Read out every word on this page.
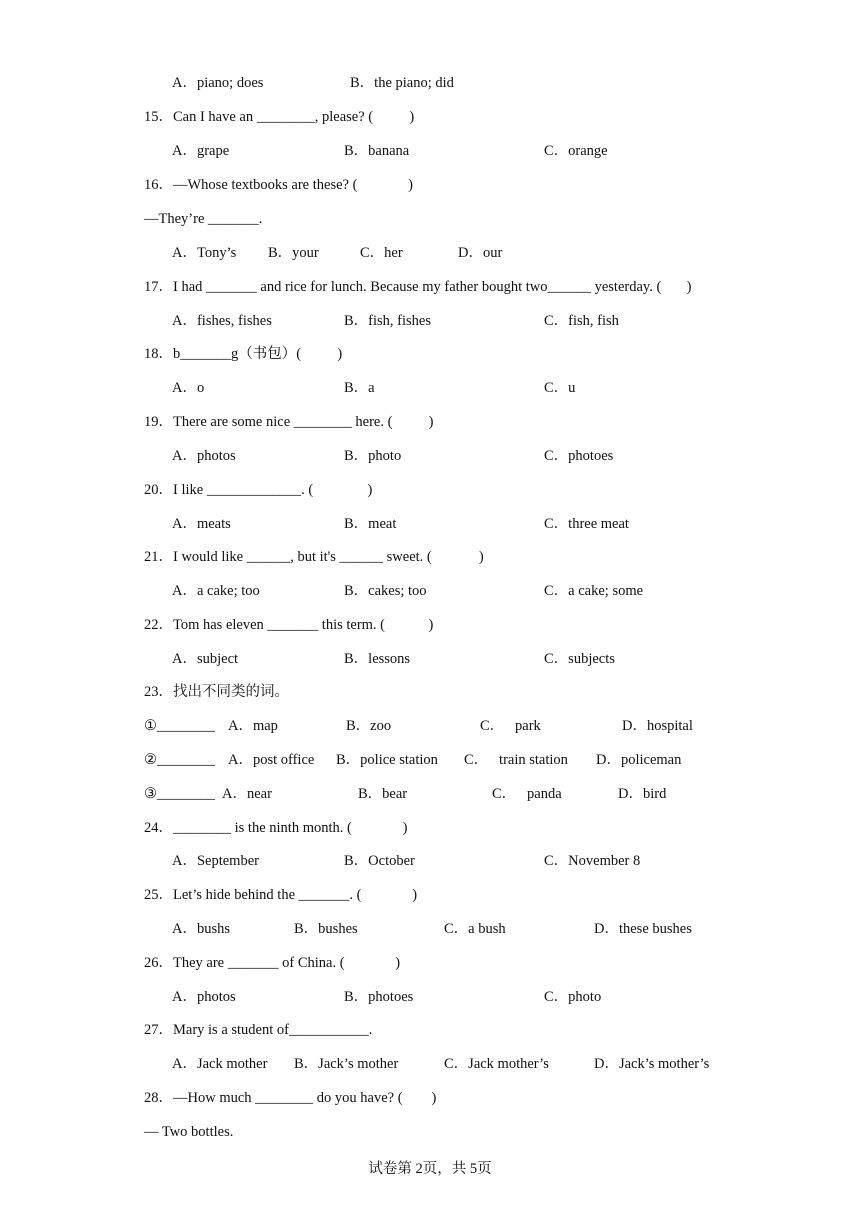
A．piano; does	B．the piano; did
15．Can I have an ________, please? (          )
A．grape	B．banana	C．orange
16．—Whose textbooks are these? (              )
—They’re _______.
A．Tony’s B．your	C．her	D．our
17．I had _______ and rice for lunch. Because my father bought two______ yesterday. (       )
A．fishes, fishes	B．fish, fishes	C．fish, fish
18．b_______g（书包）(          )
A．o	B．a	C．u
19．There are some nice ________ here. (          )
A．photos	B．photo	C．photoes
20．I like _____________. (               )
A．meats	B．meat	C．three meat
21．I would like ______, but it's ______ sweet. (             )
A．a cake; too	B．cakes; too	C．a cake; some
22．Tom has eleven _______ this term. (            )
A．subject	B．lessons	C．subjects
23．找出不同类的词。
①________ A．map	B．zoo	C．   park	D．hospital
②________ A．post office B．police station C．   train station D．policeman
③________ A．near	B．bear	C．   panda	D．bird
24．________ is the ninth month. (              )
A．September	B．October	C．November 8
25．Let’s hide behind the _______. (              )
A．bushs	B．bushes	C．a bush	D．these bushes
26．They are _______ of China. (              )
A．photos	B．photoes	C．photo
27．Mary is a student of___________.
A．Jack mother B．Jack’s mother	C．Jack mother’s	D．Jack’s mother’s
28．—How much ________ do you have? (        )
— Two bottles.
试卷第 2页，共 5页
